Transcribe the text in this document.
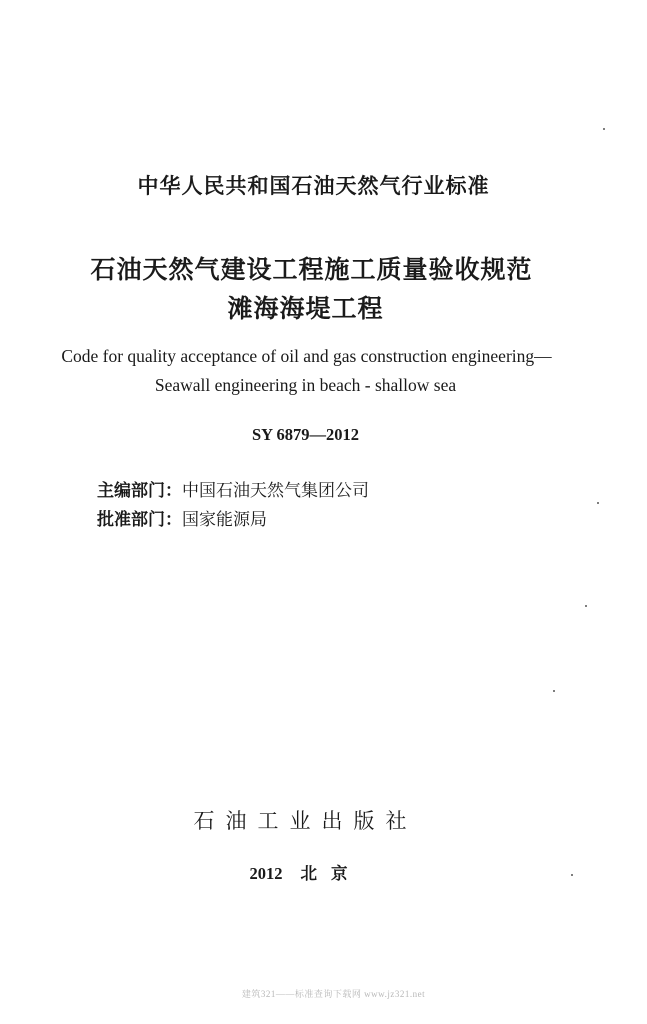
中华人民共和国石油天然气行业标准
石油天然气建设工程施工质量验收规范
滩海海堤工程
Code for quality acceptance of oil and gas construction engineering—
Seawall engineering in beach - shallow sea
SY 6879—2012
主编部门：中国石油天然气集团公司
批准部门：国家能源局
石油工业出版社
2012 北京
建筑321——标准查询下载网 www.jz321.net
